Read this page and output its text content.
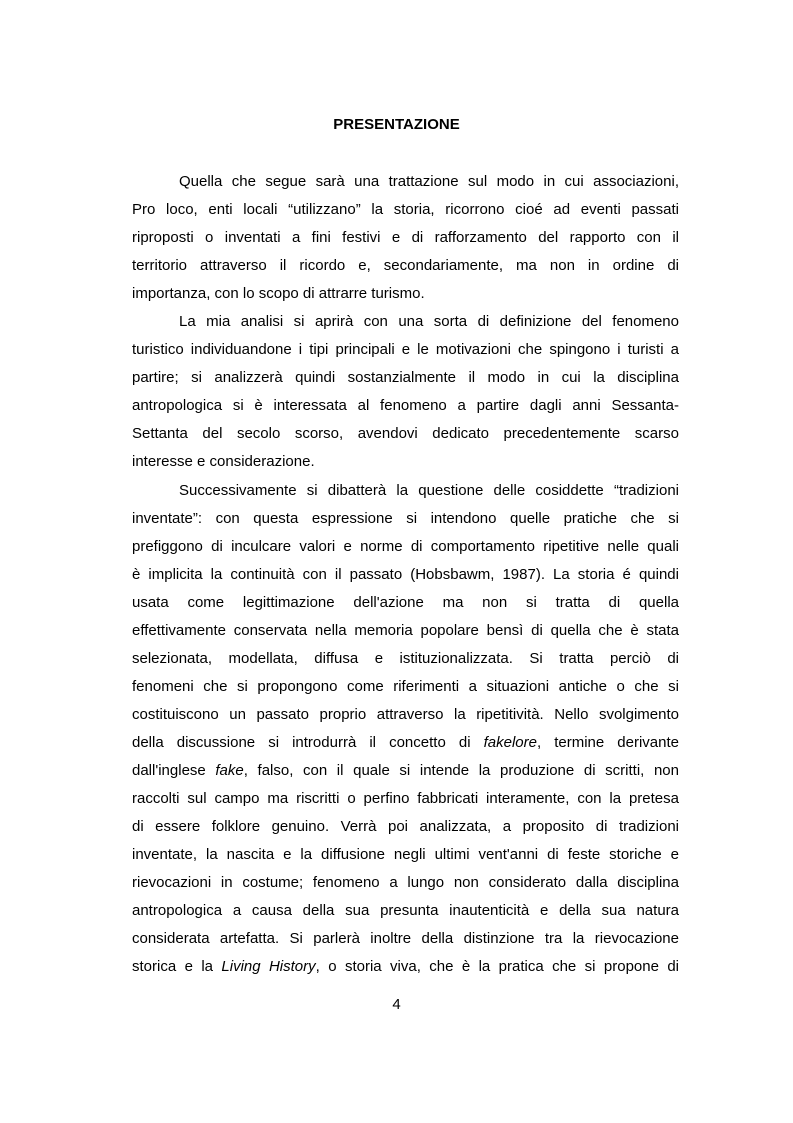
PRESENTAZIONE

Quella che segue sarà una trattazione sul modo in cui associazioni,
Pro loco, enti locali “utilizzano” la storia, ricorrono cioé ad eventi passati
riproposti o inventati a fini festivi e di rafforzamento del rapporto con il
territorio attraverso il ricordo e, secondariamente, ma non in ordine di
importanza, con lo scopo di attrarre turismo.

La mia analisi si aprirà con una sorta di definizione del fenomeno
turistico individuandone i tipi principali e le motivazioni che spingono i turisti a
partire; si analizzerà quindi sostanzialmente il modo in cui la disciplina
antropologica si è interessata al fenomeno a partire dagli anni Sessanta-
Settanta del secolo scorso, avendovi dedicato precedentemente scarso
interesse e considerazione.

Successivamente si dibatterà la questione delle cosiddette “tradizioni
inventate”: con questa espressione si intendono quelle pratiche che si
prefiggono di inculcare valori e norme di comportamento ripetitive nelle quali
è implicita la continuità con il passato (Hobsbawm, 1987). La storia é quindi
usata come legittimazione dell'azione ma non si tratta di quella
effettivamente conservata nella memoria popolare bensì di quella che è stata
selezionata, modellata, diffusa e istituzionalizzata. Si tratta perciò di
fenomeni che si propongono come riferimenti a situazioni antiche o che si
costituiscono un passato proprio attraverso la ripetitività. Nello svolgimento
della discussione si introdurrà il concetto di fakelore, termine derivante
dall'inglese fake, falso, con il quale si intende la produzione di scritti, non
raccolti sul campo ma riscritti o perfino fabbricati interamente, con la pretesa
di essere folklore genuino. Verrà poi analizzata, a proposito di tradizioni
inventate, la nascita e la diffusione negli ultimi vent'anni di feste storiche e
rievocazioni in costume; fenomeno a lungo non considerato dalla disciplina
antropologica a causa della sua presunta inautenticità e della sua natura
considerata artefatta. Si parlerà inoltre della distinzione tra la rievocazione
storica e la Living History, o storia viva, che è la pratica che si propone di

4
